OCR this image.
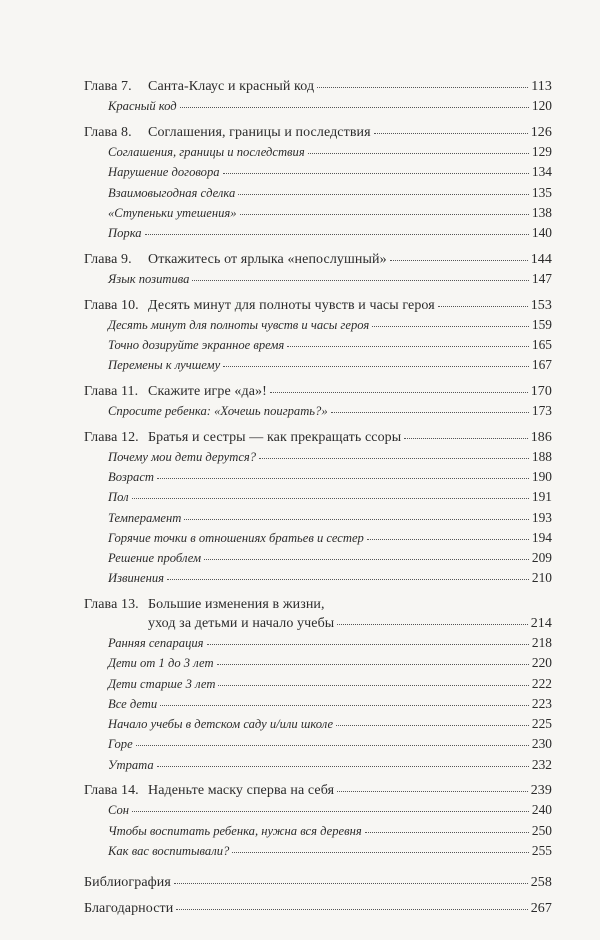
Глава 7. Санта-Клаус и красный код	113
Красный код	120
Глава 8. Соглашения, границы и последствия	126
Соглашения, границы и последствия	129
Нарушение договора	134
Взаимовыгодная сделка	135
«Ступеньки утешения»	138
Порка	140
Глава 9. Откажитесь от ярлыка «непослушный»	144
Язык позитива	147
Глава 10. Десять минут для полноты чувств и часы героя	153
Десять минут для полноты чувств и часы героя	159
Точно дозируйте экранное время	165
Перемены к лучшему	167
Глава 11. Скажите игре «да»!	170
Спросите ребенка: «Хочешь поиграть?»	173
Глава 12. Братья и сестры — как прекращать ссоры	186
Почему мои дети дерутся?	188
Возраст	190
Пол	191
Темперамент	193
Горячие точки в отношениях братьев и сестер	194
Решение проблем	209
Извинения	210
Глава 13. Большие изменения в жизни,
уход за детьми и начало учебы	214
Ранняя сепарация	218
Дети от 1 до 3 лет	220
Дети старше 3 лет	222
Все дети	223
Начало учебы в детском саду и/или школе	225
Горе	230
Утрата	232
Глава 14. Наденьте маску сперва на себя	239
Сон	240
Чтобы воспитать ребенка, нужна вся деревня	250
Как вас воспитывали?	255
Библиография	258
Благодарности	267
